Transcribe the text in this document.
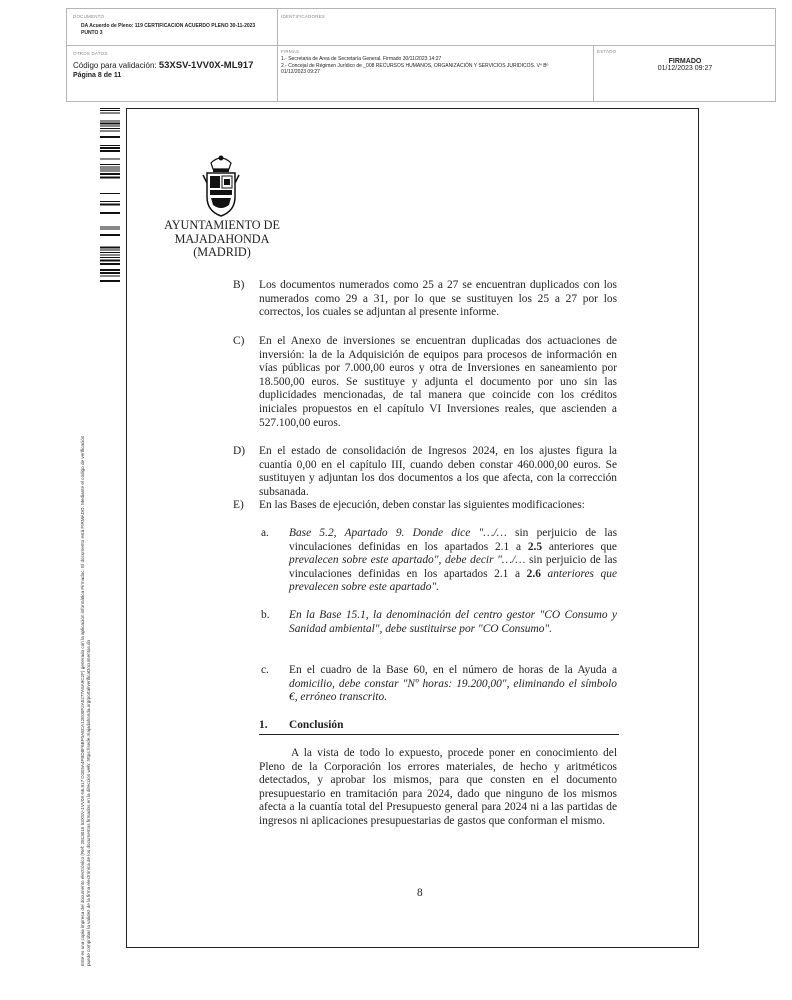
DOCUMENTO
DA Acuerdo de Pleno: 119 CERTIFICACION ACUERDO PLENO 30-11-2023 PUNTO 3
IDENTIFICADORES
OTROS DATOS
Código para validación: 53XSV-1VV0X-ML917
Página 8 de 11
FIRMAS
1.- Secretaria de Area de Secretaría General. Firmado 30/11/2023 14:27
2.- Concejal de Régimen Jurídico de _008 RECURSOS HUMANOS, ORGANIZACIÓN Y SERVICIOS JURIDICOS. Vº Bº
01/12/2023 09:27
ESTADO
FIRMADO
01/12/2023 09:27
Este es una copia impresa del documento electrónico (Ref: 2813015 53XSV-1VV0X-ML917 D1E5A4FBD8F6BF0A8CA12E00F2A5277A5A9C2F) generado con la aplicación informática Firmadoc. El documento está FIRMADO. Mediante el código de verificación puede comprobar la validez de la firma electrónica de los documentos firmados en la dirección web: https://sede.majadahonda.org/portal/verificaDocumentos.do
AYUNTAMIENTO DE
MAJADAHONDA
(MADRID)
B) Los documentos numerados como 25 a 27 se encuentran duplicados con los numerados como 29 a 31, por lo que se sustituyen los 25 a 27 por los correctos, los cuales se adjuntan al presente informe.
C) En el Anexo de inversiones se encuentran duplicadas dos actuaciones de inversión: la de la Adquisición de equipos para procesos de información en vías públicas por 7.000,00 euros y otra de Inversiones en saneamiento por 18.500,00 euros. Se sustituye y adjunta el documento por uno sin las duplicidades mencionadas, de tal manera que coincide con los créditos iniciales propuestos en el capítulo VI Inversiones reales, que ascienden a 527.100,00 euros.
D) En el estado de consolidación de Ingresos 2024, en los ajustes figura la cuantía 0,00 en el capítulo III, cuando deben constar 460.000,00 euros. Se sustituyen y adjuntan los dos documentos a los que afecta, con la corrección subsanada.
E) En las Bases de ejecución, deben constar las siguientes modificaciones:
a. Base 5.2, Apartado 9. Donde dice "…/… sin perjuicio de las vinculaciones definidas en los apartados 2.1 a 2.5 anteriores que prevalecen sobre este apartado", debe decir "…/… sin perjuicio de las vinculaciones definidas en los apartados 2.1 a 2.6 anteriores que prevalecen sobre este apartado".
b. En la Base 15.1, la denominación del centro gestor "CO Consumo y Sanidad ambiental", debe sustituirse por "CO Consumo".
c. En el cuadro de la Base 60, en el número de horas de la Ayuda a domicilio, debe constar "Nº horas: 19.200,00", eliminando el símbolo €, erróneo transcrito.
1. Conclusión
A la vista de todo lo expuesto, procede poner en conocimiento del Pleno de la Corporación los errores materiales, de hecho y aritméticos detectados, y aprobar los mismos, para que consten en el documento presupuestario en tramitación para 2024, dado que ninguno de los mismos afecta a la cuantía total del Presupuesto general para 2024 ni a las partidas de ingresos ni aplicaciones presupuestarias de gastos que conforman el mismo.
8
